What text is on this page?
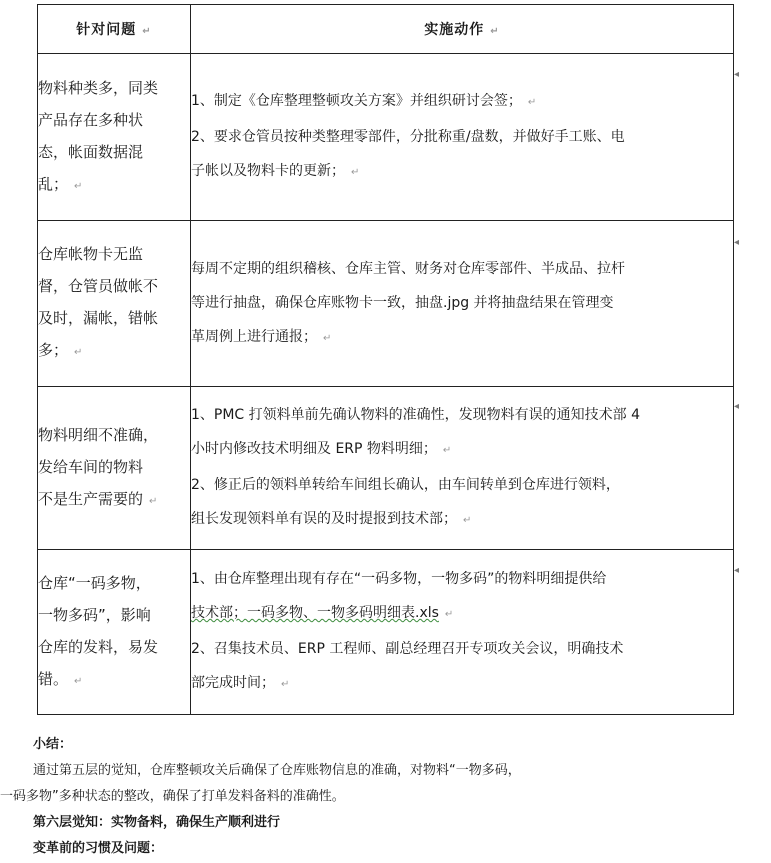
针对问题 ↵	实施动作 ↵

物料种类多，同类
产品存在多种状
态，帐面数据混
乱； ↵	1、制定《仓库整理整顿攻关方案》并组织研讨会签； ↵
2、要求仓管员按种类整理零部件，分批称重/盘数，并做好手工账、电
子帐以及物料卡的更新； ↵

仓库帐物卡无监
督，仓管员做帐不
及时，漏帐，错帐
多； ↵	每周不定期的组织稽核、仓库主管、财务对仓库零部件、半成品、拉杆
等进行抽盘，确保仓库账物卡一致，抽盘.jpg 并将抽盘结果在管理变
革周例上进行通报； ↵

物料明细不准确，
发给车间的物料
不是生产需要的 ↵	1、PMC 打领料单前先确认物料的准确性，发现物料有误的通知技术部 4
小时内修改技术明细及 ERP 物料明细； ↵
2、修正后的领料单转给车间组长确认，由车间转单到仓库进行领料，
组长发现领料单有误的及时提报到技术部； ↵

仓库“一码多物，
一物多码”，影响
仓库的发料，易发
错。 ↵	1、由仓库整理出现有存在“一码多物，一物多码”的物料明细提供给
技术部；一码多物、一物多码明细表.xls ↵
2、召集技术员、ERP 工程师、副总经理召开专项攻关会议，明确技术
部完成时间； ↵
◂
◂
◂
◂
小结：
通过第五层的觉知，仓库整顿攻关后确保了仓库账物信息的准确，对物料“一物多码，
一码多物”多种状态的整改，确保了打单发料备料的准确性。
第六层觉知：实物备料，确保生产顺利进行
变革前的习惯及问题：
